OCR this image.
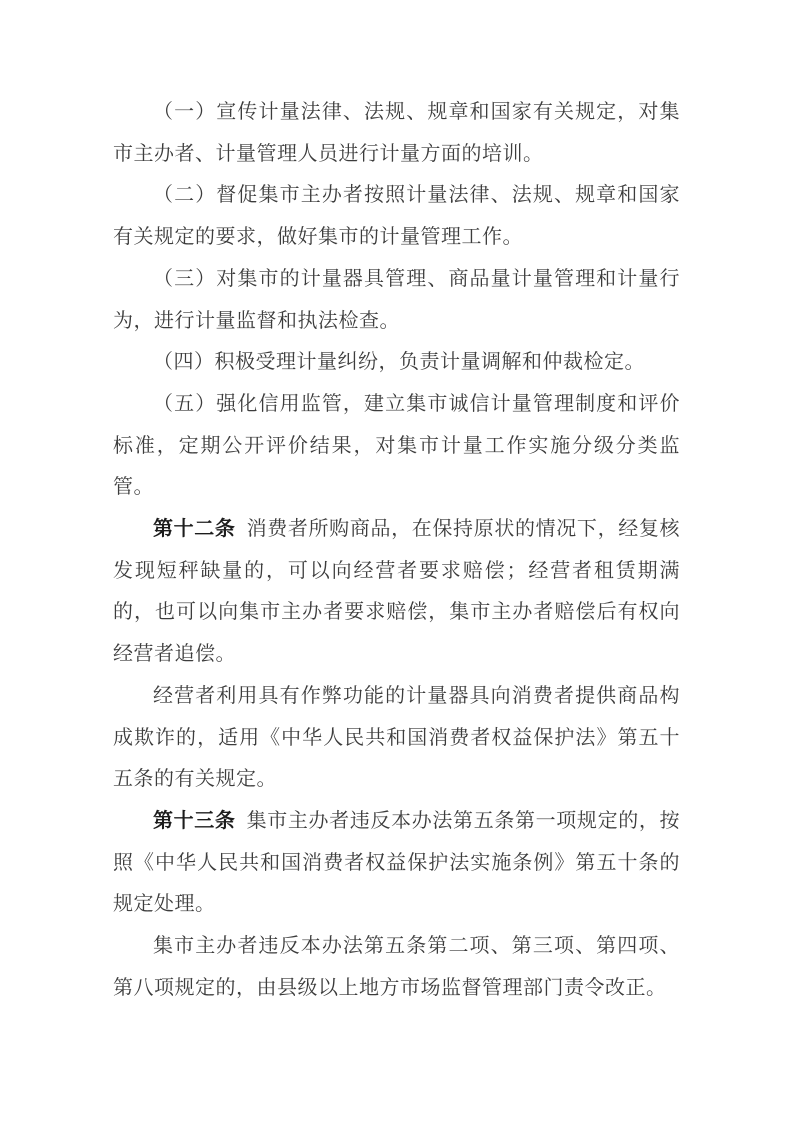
（一）宣传计量法律、法规、规章和国家有关规定，对集市主办者、计量管理人员进行计量方面的培训。

（二）督促集市主办者按照计量法律、法规、规章和国家有关规定的要求，做好集市的计量管理工作。

（三）对集市的计量器具管理、商品量计量管理和计量行为，进行计量监督和执法检查。

（四）积极受理计量纠纷，负责计量调解和仲裁检定。

（五）强化信用监管，建立集市诚信计量管理制度和评价标准，定期公开评价结果，对集市计量工作实施分级分类监管。

第十二条 消费者所购商品，在保持原状的情况下，经复核发现短秤缺量的，可以向经营者要求赔偿；经营者租赁期满的，也可以向集市主办者要求赔偿，集市主办者赔偿后有权向经营者追偿。

经营者利用具有作弊功能的计量器具向消费者提供商品构成欺诈的，适用《中华人民共和国消费者权益保护法》第五十五条的有关规定。

第十三条 集市主办者违反本办法第五条第一项规定的，按照《中华人民共和国消费者权益保护法实施条例》第五十条的规定处理。

集市主办者违反本办法第五条第二项、第三项、第四项、第八项规定的，由县级以上地方市场监督管理部门责令改正。
